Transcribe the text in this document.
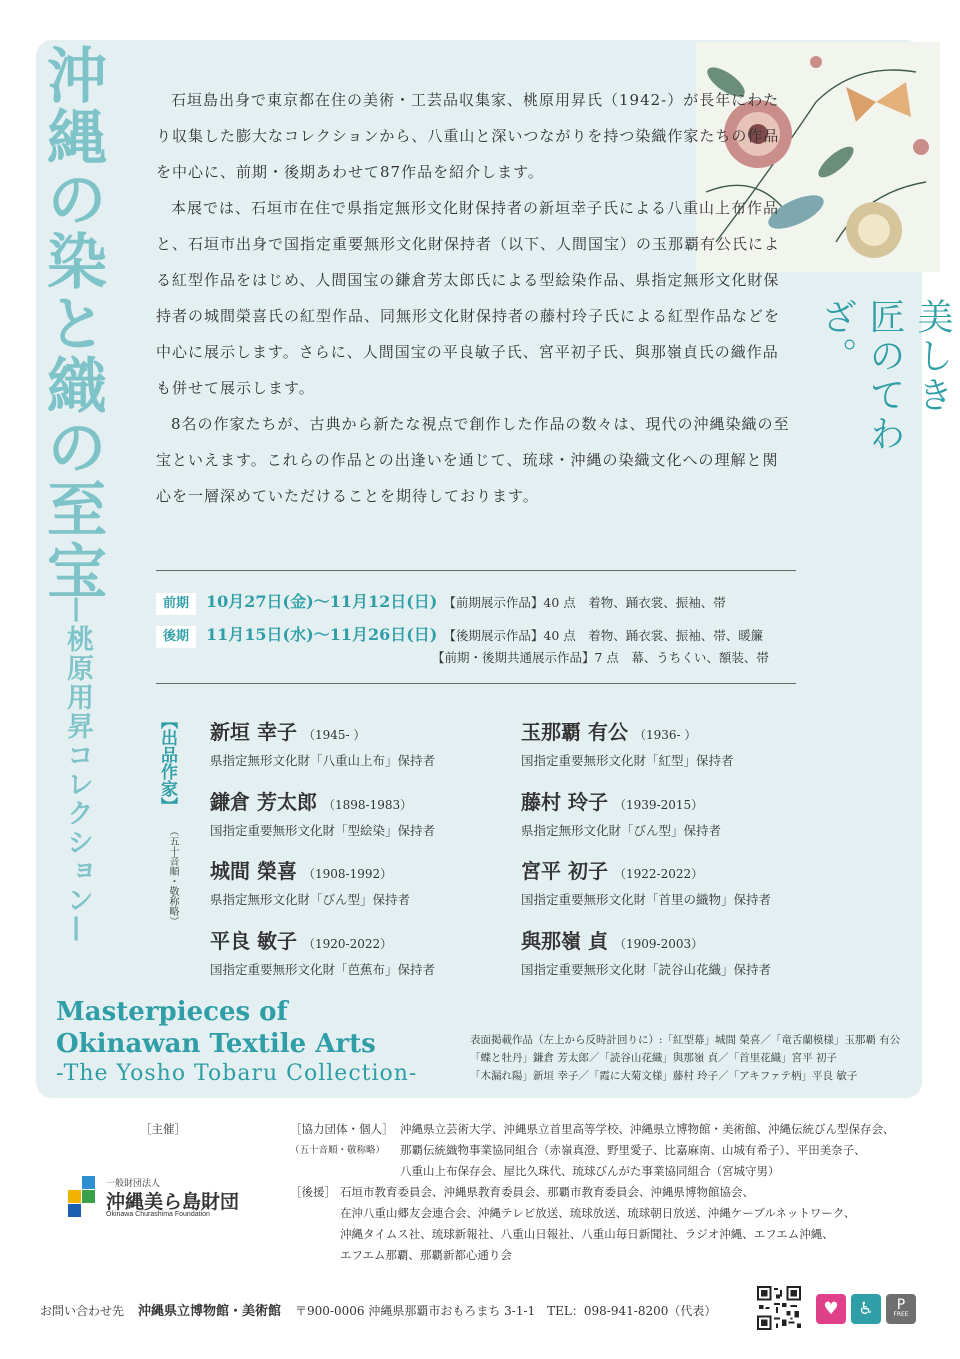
沖縄の染と織の至宝
—桃原用昇コレクション—
美しき
匠のてわざ。

石垣島出身で東京都在住の美術・工芸品収集家、桃原用昇氏（1942-）が長年にわたり収集した膨大なコレクションから、八重山と深いつながりを持つ染織作家たちの作品を中心に、前期・後期あわせて87作品を紹介します。

本展では、石垣市在住で県指定無形文化財保持者の新垣幸子氏による八重山上布作品と、石垣市出身で国指定重要無形文化財保持者（以下、人間国宝）の玉那覇有公氏による紅型作品をはじめ、人間国宝の鎌倉芳太郎氏による型絵染作品、県指定無形文化財保持者の城間榮喜氏の紅型作品、同無形文化財保持者の藤村玲子氏による紅型作品などを中心に展示します。さらに、人間国宝の平良敏子氏、宮平初子氏、與那嶺貞氏の織作品も併せて展示します。

8名の作家たちが、古典から新たな視点で創作した作品の数々は、現代の沖縄染織の至宝といえます。これらの作品との出逢いを通じて、琉球・沖縄の染織文化への理解と関心を一層深めていただけることを期待しております。

前期 10月27日(金)～11月12日(日) 【前期展示作品】40 点　着物、踊衣裳、振袖、帯
後期 11月15日(水)～11月26日(日) 【後期展示作品】40 点　着物、踊衣裳、振袖、帯、暖簾
【前期・後期共通展示作品】7 点　幕、うちくい、額装、帯
【出品作家】
（五十音順・敬称略）
新垣 幸子 （1945- ）
県指定無形文化財「八重山上布」保持者
玉那覇 有公 （1936- ）
国指定重要無形文化財「紅型」保持者
鎌倉 芳太郎 （1898-1983）
国指定重要無形文化財「型絵染」保持者
藤村 玲子 （1939-2015）
県指定無形文化財「びん型」保持者
城間 榮喜 （1908-1992）
県指定無形文化財「びん型」保持者
宮平 初子 （1922-2022）
国指定重要無形文化財「首里の織物」保持者
平良 敏子 （1920-2022）
国指定重要無形文化財「芭蕉布」保持者
與那嶺 貞 （1909-2003）
国指定重要無形文化財「読谷山花織」保持者
Masterpieces of
Okinawan Textile Arts
-The Yosho Tobaru Collection-
表面掲載作品（左上から反時計回りに）:「紅型幕」城間 榮喜／「竜舌蘭模様」玉那覇 有公
「蝶と牡丹」鎌倉 芳太郎／「読谷山花織」與那嶺 貞／「首里花織」宮平 初子
「木漏れ陽」新垣 幸子／「霞に大菊文様」藤村 玲子／「アキファテ柄」平良 敏子
［主催］
一般財団法人
沖縄美ら島財団
Okinawa Churashima Foundation
［協力団体・個人］
（五十音順・敬称略）
沖縄県立芸術大学、沖縄県立首里高等学校、沖縄県立博物館・美術館、沖縄伝統びん型保存会、
那覇伝統織物事業協同組合（赤嶺真澄、野里愛子、比嘉麻南、山城有希子）、平田美奈子、
八重山上布保存会、屋比久珠代、琉球びんがた事業協同組合（宮城守男）
［後援］ 石垣市教育委員会、沖縄県教育委員会、那覇市教育委員会、沖縄県博物館協会、
在沖八重山郷友会連合会、沖縄テレビ放送、琉球放送、琉球朝日放送、沖縄ケーブルネットワーク、
沖縄タイムス社、琉球新報社、八重山日報社、八重山毎日新聞社、ラジオ沖縄、エフエム沖縄、
エフエム那覇、那覇新都心通り会
お問い合わせ先 沖縄県立博物館・美術館 〒900-0006 沖縄県那覇市おもろまち 3-1-1　TEL：098-941-8200（代表）	♥	♿	P
FREE
